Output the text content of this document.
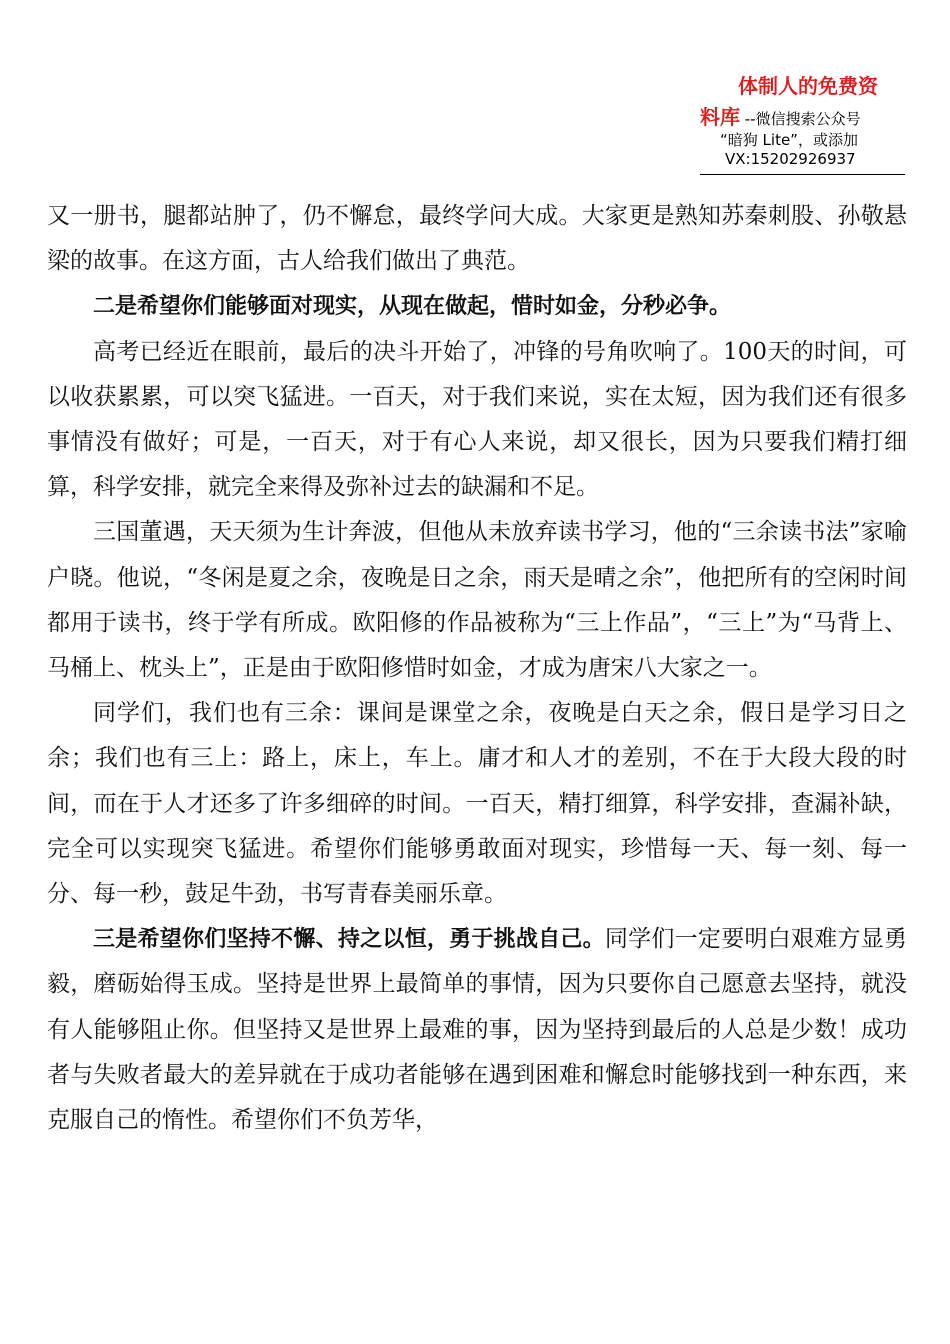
体制人的免费资
料库 --微信搜索公众号
“暗狗 Lite”，或添加
VX:15202926937

又一册书，腿都站肿了，仍不懈怠，最终学问大成。大家更是熟知苏秦刺股、孙敬悬梁的故事。在这方面，古人给我们做出了典范。

二是希望你们能够面对现实，从现在做起，惜时如金，分秒必争。

高考已经近在眼前，最后的决斗开始了，冲锋的号角吹响了。100天的时间，可以收获累累，可以突飞猛进。一百天，对于我们来说，实在太短，因为我们还有很多事情没有做好；可是，一百天，对于有心人来说，却又很长，因为只要我们精打细算，科学安排，就完全来得及弥补过去的缺漏和不足。

三国董遇，天天须为生计奔波，但他从未放弃读书学习，他的“三余读书法”家喻户晓。他说，“冬闲是夏之余，夜晚是日之余，雨天是晴之余”，他把所有的空闲时间都用于读书，终于学有所成。欧阳修的作品被称为“三上作品”，“三上”为“马背上、马桶上、枕头上”，正是由于欧阳修惜时如金，才成为唐宋八大家之一。

同学们，我们也有三余：课间是课堂之余，夜晚是白天之余，假日是学习日之余；我们也有三上：路上，床上，车上。庸才和人才的差别，不在于大段大段的时间，而在于人才还多了许多细碎的时间。一百天，精打细算，科学安排，查漏补缺，完全可以实现突飞猛进。希望你们能够勇敢面对现实，珍惜每一天、每一刻、每一分、每一秒，鼓足牛劲，书写青春美丽乐章。

三是希望你们坚持不懈、持之以恒，勇于挑战自己。同学们一定要明白艰难方显勇毅，磨砺始得玉成。坚持是世界上最简单的事情，因为只要你自己愿意去坚持，就没有人能够阻止你。但坚持又是世界上最难的事，因为坚持到最后的人总是少数！成功者与失败者最大的差异就在于成功者能够在遇到困难和懈怠时能够找到一种东西，来克服自己的惰性。希望你们不负芳华，
